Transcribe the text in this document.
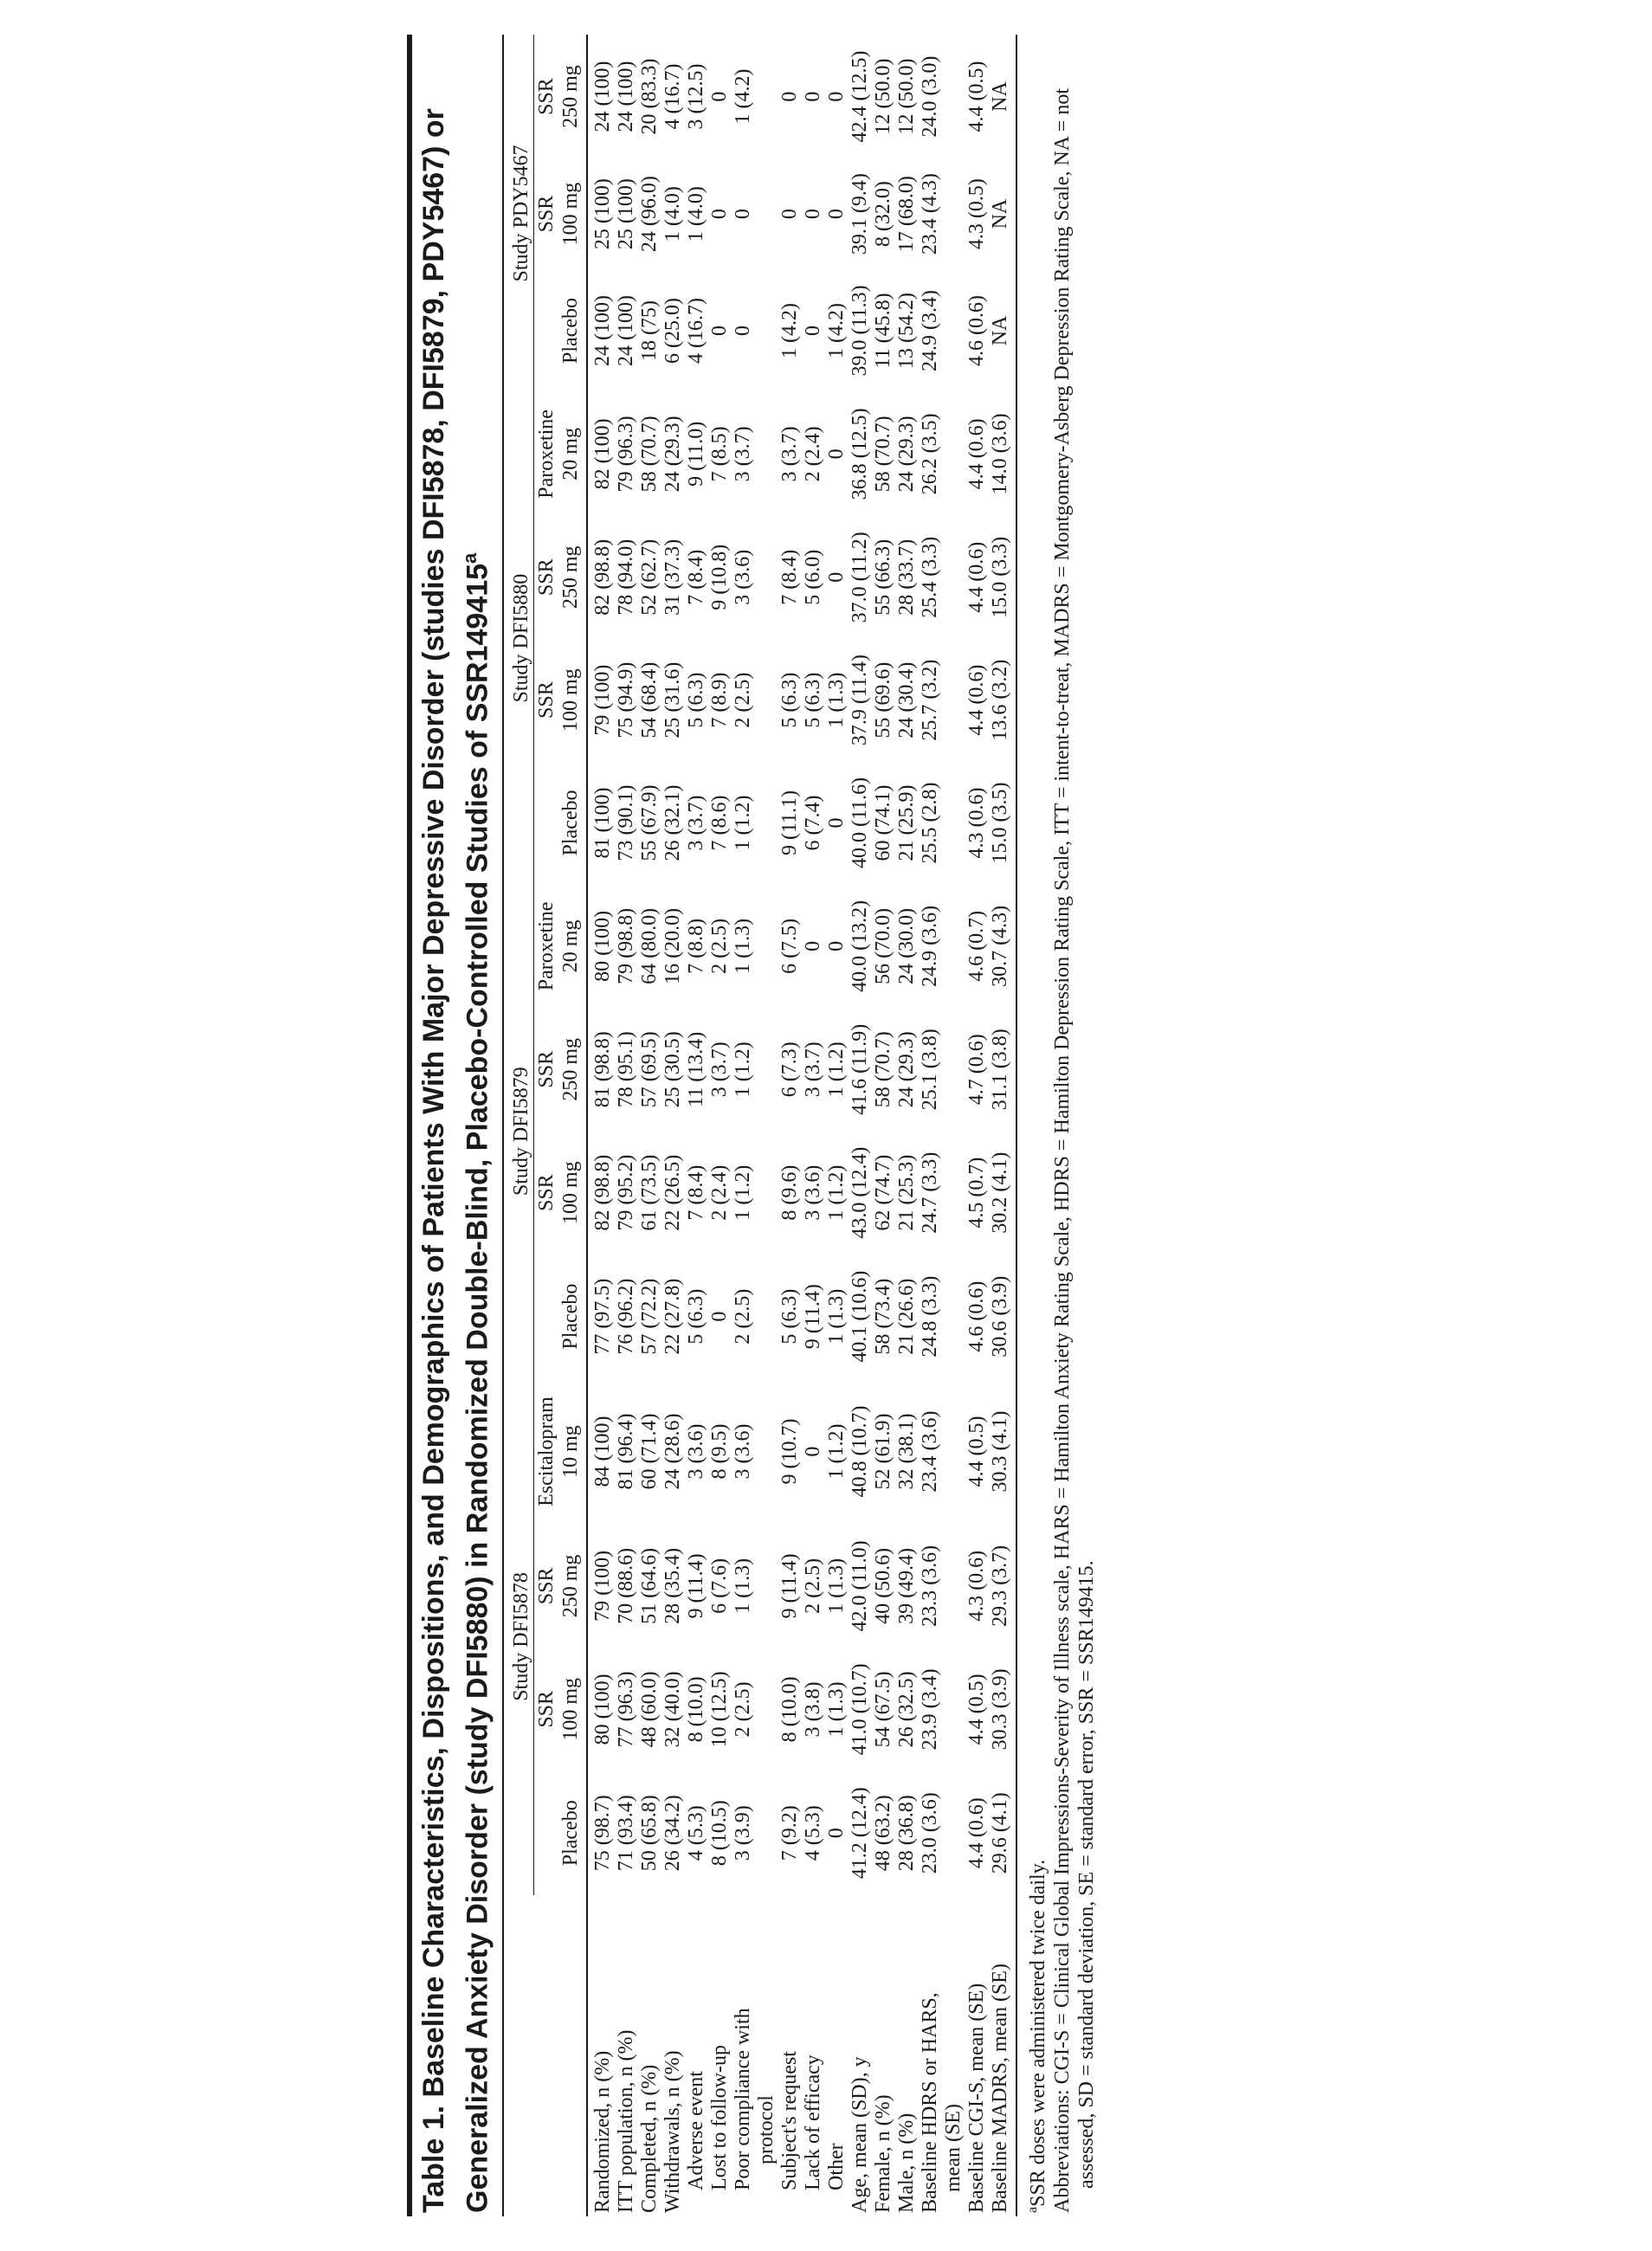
Table 1. Baseline Characteristics, Dispositions, and Demographics of Patients With Major Depressive Disorder (studies DFI5878, DFI5879, PDY5467) or Generalized Anxiety Disorder (study DFI5880) in Randomized Double-Blind, Placebo-Controlled Studies of SSR149415$^a$
	Study DFI5878				Study DFI5879				Study DFI5880				Study PDY5467		
		SSR	SSR	Escitalopram		SSR	SSR	Paroxetine		SSR	SSR	Paroxetine		SSR	SSR
	Placebo	100 mg	250 mg	10 mg	Placebo	100 mg	250 mg	20 mg	Placebo	100 mg	250 mg	20 mg	Placebo	100 mg	250 mg
Randomized, n (%)	75 (98.7)	80 (100)	79 (100)	84 (100)	77 (97.5)	82 (98.8)	81 (98.8)	80 (100)	81 (100)	79 (100)	82 (98.8)	82 (100)	24 (100)	25 (100)	24 (100)
ITT population, n (%)	71 (93.4)	77 (96.3)	70 (88.6)	81 (96.4)	76 (96.2)	79 (95.2)	78 (95.1)	79 (98.8)	73 (90.1)	75 (94.9)	78 (94.0)	79 (96.3)	24 (100)	25 (100)	24 (100)
Completed, n (%)	50 (65.8)	48 (60.0)	51 (64.6)	60 (71.4)	57 (72.2)	61 (73.5)	57 (69.5)	64 (80.0)	55 (67.9)	54 (68.4)	52 (62.7)	58 (70.7)	18 (75)	24 (96.0)	20 (83.3)
Withdrawals, n (%)	26 (34.2)	32 (40.0)	28 (35.4)	24 (28.6)	22 (27.8)	22 (26.5)	25 (30.5)	16 (20.0)	26 (32.1)	25 (31.6)	31 (37.3)	24 (29.3)	6 (25.0)	1 (4.0)	4 (16.7)
Adverse event	4 (5.3)	8 (10.0)	9 (11.4)	3 (3.6)	5 (6.3)	7 (8.4)	11 (13.4)	7 (8.8)	3 (3.7)	5 (6.3)	7 (8.4)	9 (11.0)	4 (16.7)	1 (4.0)	3 (12.5)
Lost to follow-up	8 (10.5)	10 (12.5)	6 (7.6)	8 (9.5)	0	2 (2.4)	3 (3.7)	2 (2.5)	7 (8.6)	7 (8.9)	9 (10.8)	7 (8.5)	0	0	0
Poor compliance with	3 (3.9)	2 (2.5)	1 (1.3)	3 (3.6)	2 (2.5)	1 (1.2)	1 (1.2)	1 (1.3)	1 (1.2)	2 (2.5)	3 (3.6)	3 (3.7)	0	0	1 (4.2)
protocol															
Subject's request	7 (9.2)	8 (10.0)	9 (11.4)	9 (10.7)	5 (6.3)	8 (9.6)	6 (7.3)	6 (7.5)	9 (11.1)	5 (6.3)	7 (8.4)	3 (3.7)	1 (4.2)	0	0
Lack of efficacy	4 (5.3)	3 (3.8)	2 (2.5)	0	9 (11.4)	3 (3.6)	3 (3.7)	0	6 (7.4)	5 (6.3)	5 (6.0)	2 (2.4)	0	0	0
Other	0	1 (1.3)	1 (1.3)	1 (1.2)	1 (1.3)	1 (1.2)	1 (1.2)	0	0	1 (1.3)	0	0	1 (4.2)	0	0
Age, mean (SD), y	41.2 (12.4)	41.0 (10.7)	42.0 (11.0)	40.8 (10.7)	40.1 (10.6)	43.0 (12.4)	41.6 (11.9)	40.0 (13.2)	40.0 (11.6)	37.9 (11.4)	37.0 (11.2)	36.8 (12.5)	39.0 (11.3)	39.1 (9.4)	42.4 (12.5)
Female, n (%)	48 (63.2)	54 (67.5)	40 (50.6)	52 (61.9)	58 (73.4)	62 (74.7)	58 (70.7)	56 (70.0)	60 (74.1)	55 (69.6)	55 (66.3)	58 (70.7)	11 (45.8)	8 (32.0)	12 (50.0)
Male, n (%)	28 (36.8)	26 (32.5)	39 (49.4)	32 (38.1)	21 (26.6)	21 (25.3)	24 (29.3)	24 (30.0)	21 (25.9)	24 (30.4)	28 (33.7)	24 (29.3)	13 (54.2)	17 (68.0)	12 (50.0)
Baseline HDRS or HARS,	23.0 (3.6)	23.9 (3.4)	23.3 (3.6)	23.4 (3.6)	24.8 (3.3)	24.7 (3.3)	25.1 (3.8)	24.9 (3.6)	25.5 (2.8)	25.7 (3.2)	25.4 (3.3)	26.2 (3.5)	24.9 (3.4)	23.4 (4.3)	24.0 (3.0)
mean (SE)															
Baseline CGI-S, mean (SE)	4.4 (0.6)	4.4 (0.5)	4.3 (0.6)	4.4 (0.5)	4.6 (0.6)	4.5 (0.7)	4.7 (0.6)	4.6 (0.7)	4.3 (0.6)	4.4 (0.6)	4.4 (0.6)	4.4 (0.6)	4.6 (0.6)	4.3 (0.5)	4.4 (0.5)
Baseline MADRS, mean (SE)	29.6 (4.1)	30.3 (3.9)	29.3 (3.7)	30.3 (4.1)	30.6 (3.9)	30.2 (4.1)	31.1 (3.8)	30.7 (4.3)	15.0 (3.5)	13.6 (3.2)	15.0 (3.3)	14.0 (3.6)	NA	NA	NA

$^a$SSR doses were administered twice daily. Abbreviations: CGI-S = Clinical Global Impressions-Severity of Illness scale, HARS = Hamilton Anxiety Rating Scale, HDRS = Hamilton Depression Rating Scale, ITT = intent-to-treat, MADRS = Montgomery-Asberg Depression Rating Scale, NA = not assessed, SD = standard deviation, SE = standard error, SSR = SSR149415.
